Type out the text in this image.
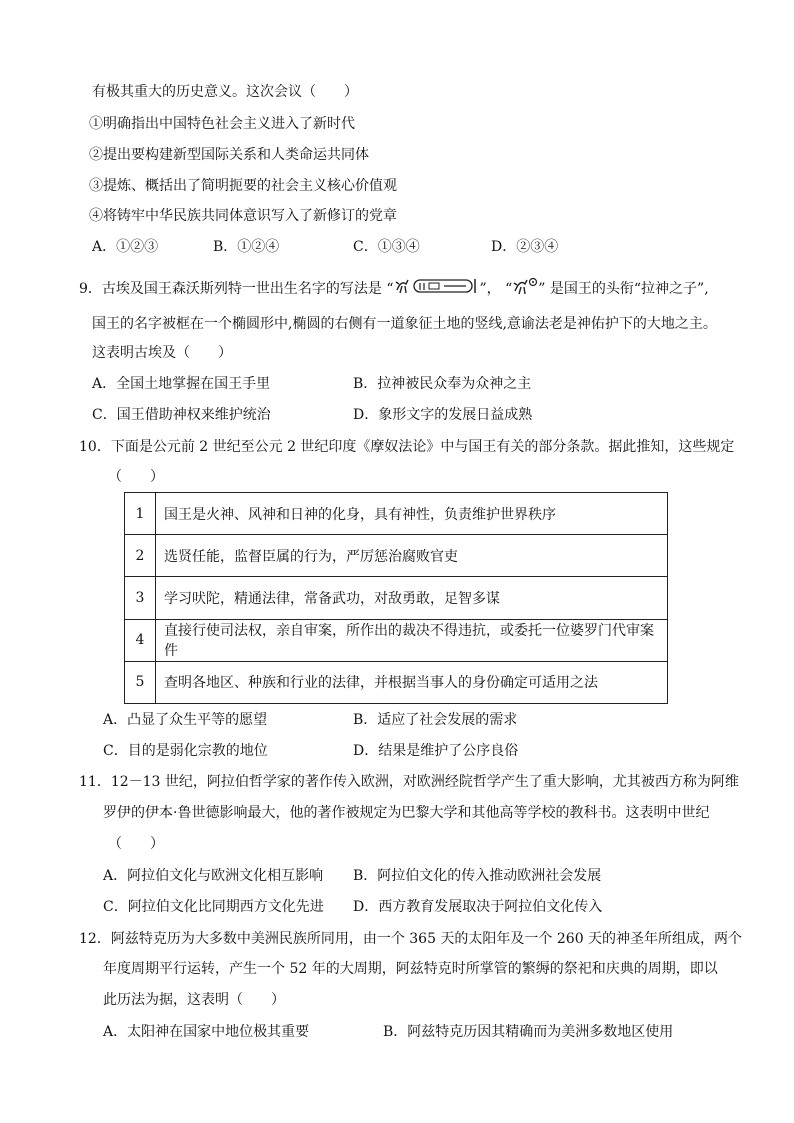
有极其重大的历史意义。这次会议（　　）
①明确指出中国特色社会主义进入了新时代
②提出要构建新型国际关系和人类命运共同体
③提炼、概括出了简明扼要的社会主义核心价值观
④将铸牢中华民族共同体意识写入了新修订的党章
A．①②③	B．①②④	C．①③④	D．②③④
9．古埃及国王森沃斯列特一世出生名字的写法是 “	”， “ ” 是国王的头衔“拉神之子”,
国王的名字被框在一个椭圆形中,椭圆的右侧有一道象征土地的竖线,意谕法老是神佑护下的大地之主。
这表明古埃及（　　）
A．全国土地掌握在国王手里	B．拉神被民众奉为众神之主
C．国王借助神权来维护统治	D．象形文字的发展日益成熟
10．下面是公元前 2 世纪至公元 2 世纪印度《摩奴法论》中与国王有关的部分条款。据此推知，这些规定
（　　）
1	国王是火神、风神和日神的化身，具有神性，负责维护世界秩序
2	选贤任能，监督臣属的行为，严厉惩治腐败官吏
3	学习吠陀，精通法律，常备武功，对敌勇敢，足智多谋
4	直接行使司法权，亲自审案，所作出的裁决不得违抗，或委托一位婆罗门代审案件
5	查明各地区、种族和行业的法律，并根据当事人的身份确定可适用之法
A．凸显了众生平等的愿望	B．适应了社会发展的需求
C．目的是弱化宗教的地位	D．结果是维护了公序良俗
11．12－13 世纪，阿拉伯哲学家的著作传入欧洲，对欧洲经院哲学产生了重大影响，尤其被西方称为阿维
罗伊的伊本·鲁世德影响最大，他的著作被规定为巴黎大学和其他高等学校的教科书。这表明中世纪
（　　）
A．阿拉伯文化与欧洲文化相互影响 B．阿拉伯文化的传入推动欧洲社会发展
C．阿拉伯文化比同期西方文化先进 D．西方教育发展取决于阿拉伯文化传入
12．阿兹特克历为大多数中美洲民族所同用，由一个 365 天的太阳年及一个 260 天的神圣年所组成，两个
年度周期平行运转，产生一个 52 年的大周期，阿兹特克时所掌管的繁缛的祭祀和庆典的周期，即以
此历法为据，这表明（　　）
A．太阳神在国家中地位极其重要	B．阿兹特克历因其精确而为美洲多数地区使用
